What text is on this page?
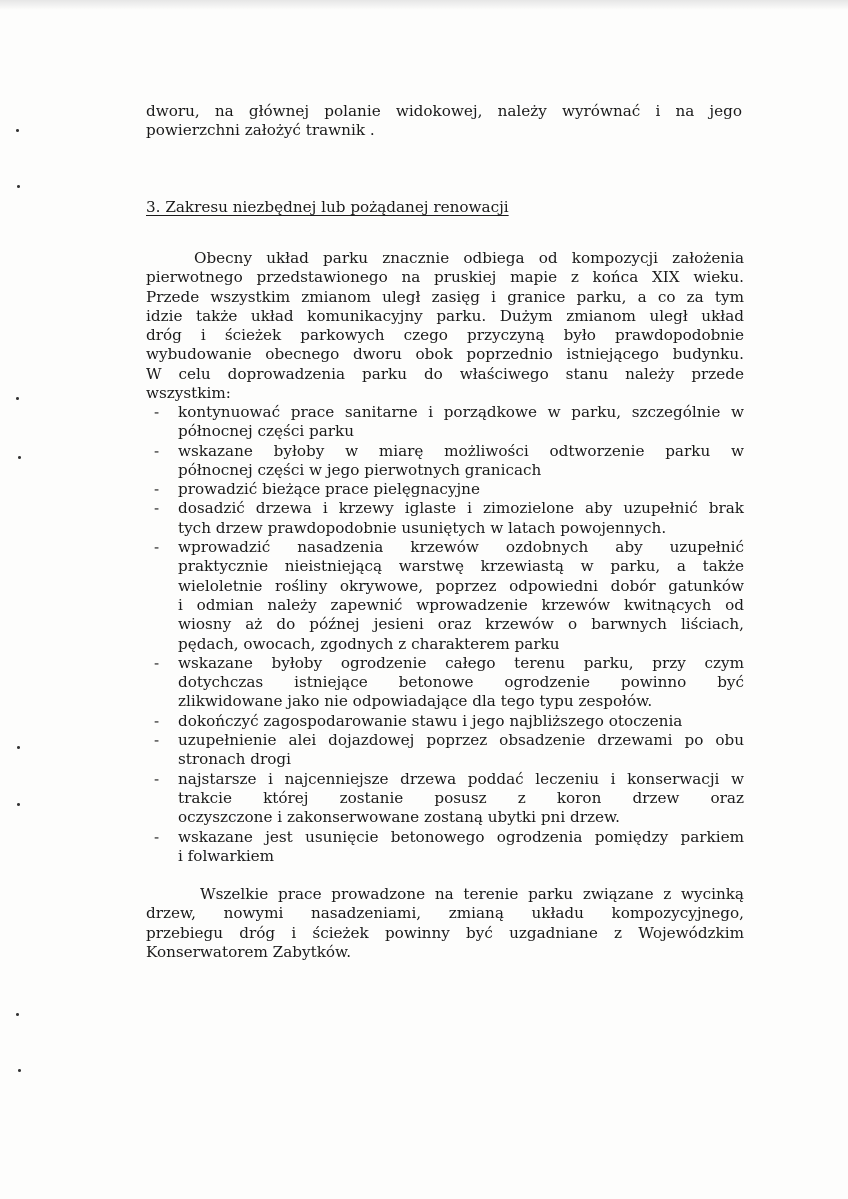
dworu, na głównej polanie widokowej, należy wyrównać i na jego
powierzchni założyć trawnik .
3. Zakresu niezbędnej lub pożądanej renowacji
Obecny układ parku znacznie odbiega od kompozycji założenia
pierwotnego przedstawionego na pruskiej mapie z końca XIX wieku.
Przede wszystkim zmianom uległ zasięg i granice parku, a co za tym
idzie także układ komunikacyjny parku. Dużym zmianom uległ układ
dróg i ścieżek parkowych czego przyczyną było prawdopodobnie
wybudowanie obecnego dworu obok poprzednio istniejącego budynku.
W celu doprowadzenia parku do właściwego stanu należy przede
wszystkim:
- kontynuować prace sanitarne i porządkowe w parku, szczególnie w
północnej części parku
- wskazane byłoby w miarę możliwości odtworzenie parku w
północnej części w jego pierwotnych granicach
- prowadzić bieżące prace pielęgnacyjne
- dosadzić drzewa i krzewy iglaste i zimozielone aby uzupełnić brak
tych drzew prawdopodobnie usuniętych w latach powojennych.
- wprowadzić nasadzenia krzewów ozdobnych aby uzupełnić
praktycznie nieistniejącą warstwę krzewiastą w parku, a także
wieloletnie rośliny okrywowe, poprzez odpowiedni dobór gatunków
i odmian należy zapewnić wprowadzenie krzewów kwitnących od
wiosny aż do późnej jesieni oraz krzewów o barwnych liściach,
pędach, owocach, zgodnych z charakterem parku
- wskazane byłoby ogrodzenie całego terenu parku, przy czym
dotychczas istniejące betonowe ogrodzenie powinno być
zlikwidowane jako nie odpowiadające dla tego typu zespołów.
- dokończyć zagospodarowanie stawu i jego najbliższego otoczenia
- uzupełnienie alei dojazdowej poprzez obsadzenie drzewami po obu
stronach drogi
- najstarsze i najcenniejsze drzewa poddać leczeniu i konserwacji w
trakcie której zostanie posusz z koron drzew oraz
oczyszczone i zakonserwowane zostaną ubytki pni drzew.
- wskazane jest usunięcie betonowego ogrodzenia pomiędzy parkiem
i folwarkiem
Wszelkie prace prowadzone na terenie parku związane z wycinką
drzew, nowymi nasadzeniami, zmianą układu kompozycyjnego,
przebiegu dróg i ścieżek powinny być uzgadniane z Wojewódzkim
Konserwatorem Zabytków.
